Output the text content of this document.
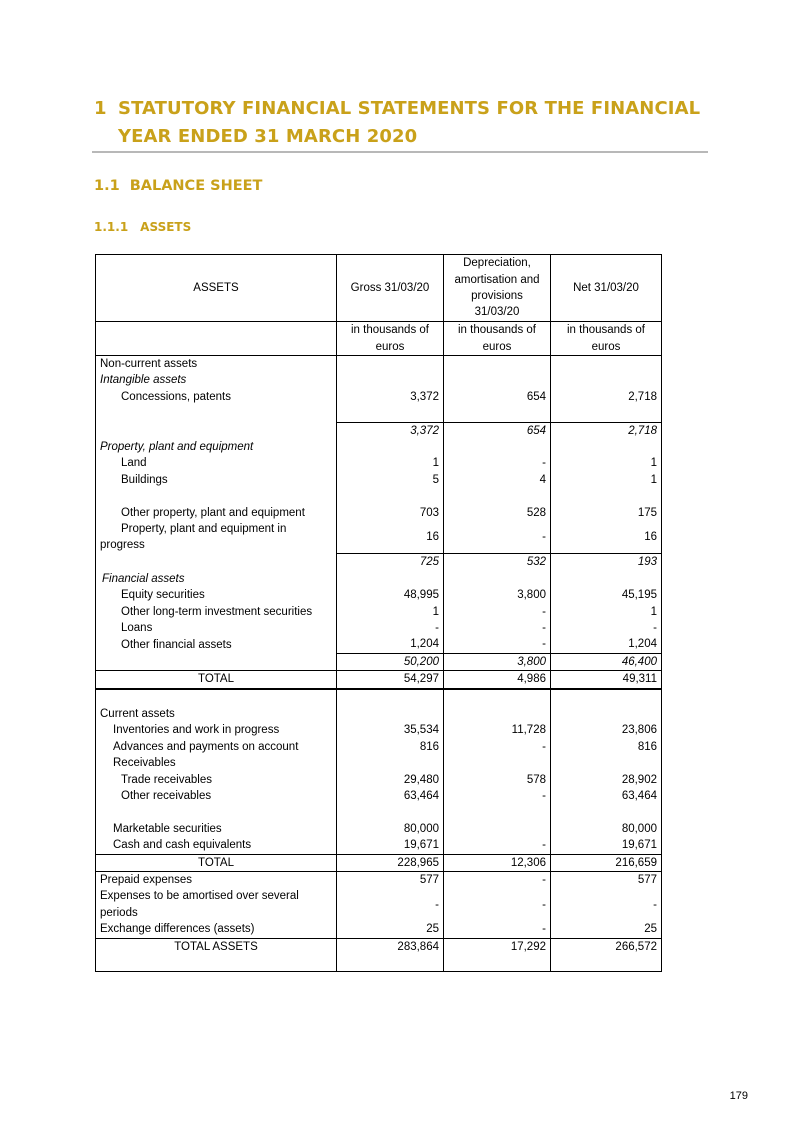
1 STATUTORY FINANCIAL STATEMENTS FOR THE FINANCIAL
YEAR ENDED 31 MARCH 2020
1.1 BALANCE SHEET
1.1.1 ASSETS
ASSETS	Gross 31/03/20	Depreciation, amortisation and provisions 31/03/20	Net 31/03/20
	in thousands of euros	in thousands of euros	in thousands of euros
Non-current assets			
Intangible assets			
Concessions, patents	3,372	654	2,718

	3,372	654	2,718
Property, plant and equipment			
Land	1	-	1
Buildings	5	4	1

Other property, plant and equipment	703	528	175

Property, plant and equipment in
progress	16	-	16
	725	532	193
Financial assets			
Equity securities	48,995	3,800	45,195
Other long-term investment securities	1	-	1
Loans	-	-	-
Other financial assets	1,204	-	1,204
	50,200	3,800	46,400
TOTAL	54,297	4,986	49,311

Current assets			
Inventories and work in progress	35,534	11,728	23,806
Advances and payments on account	816	-	816
Receivables			
Trade receivables	29,480	578	28,902
Other receivables	63,464	-	63,464

Marketable securities	80,000		80,000
Cash and cash equivalents	19,671	-	19,671
TOTAL	228,965	12,306	216,659
Prepaid expenses	577	-	577

Expenses to be amortised over several
periods	-	-	-
Exchange differences (assets)	25	-	25
TOTAL ASSETS	283,864	17,292	266,572

179
